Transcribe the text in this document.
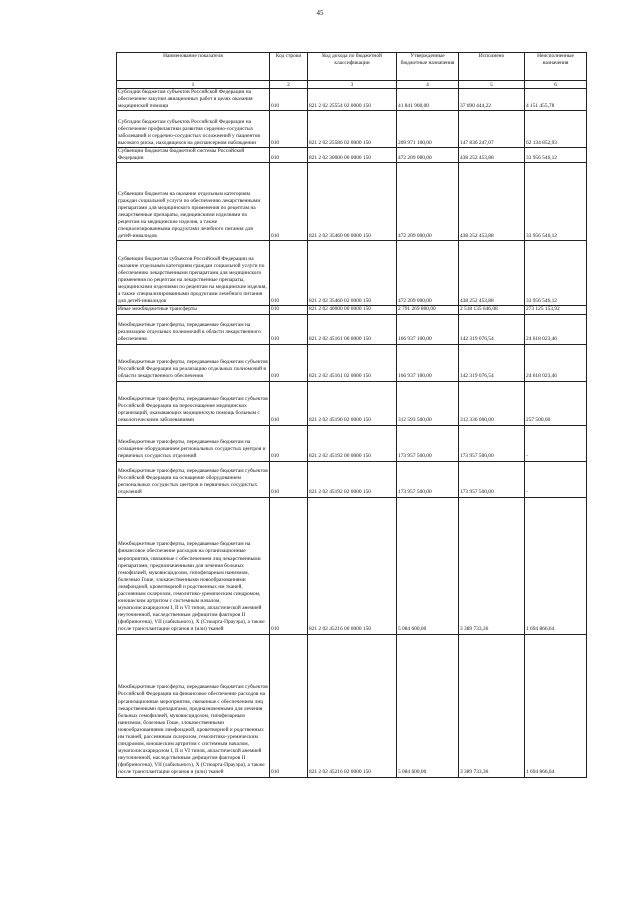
45
Наименование показателя	Код строки	Код дохода по бюджетной классификации	Утвержденные бюджетные назначения	Исполнено	Неисполненные назначения
1	2	3	4	5	6
Субсидии бюджетам субъектов Российской Федерации на обеспечение закупки авиационных работ в целях оказания медицинской помощи	010	821 2 02 25554 02 0000 150	41 841 900,00	37 690 444,22	4 151 455,78
Субсидии бюджетам субъектов Российской Федерации на обеспечение профилактики развития сердечно-сосудистых заболеваний и сердечно-сосудистых осложнений у пациентов высокого риска, находящихся на диспансерном наблюдении	010	821 2 02 25586 02 0000 150	209 971 100,00	147 836 247,07	62 134 852,93
Субвенции бюджетам бюджетной системы Российской Федерации	010	821 2 02 30000 00 0000 150	472 209 000,00	438 252 453,88	33 956 546,12
Субвенции бюджетам на оказание отдельным категориям граждан социальной услуги по обеспечению лекарственными препаратами для медицинского применения по рецептам на лекарственные препараты, медицинскими изделиями по рецептам на медицинские изделия, а также специализированными продуктами лечебного питания для детей-инвалидов	010	821 2 02 35460 00 0000 150	472 209 000,00	438 252 453,88	33 956 546,12
Субвенции бюджетам субъектов Российской Федерации на оказание отдельным категориям граждан социальной услуги по обеспечению лекарственными препаратами для медицинского применения по рецептам на лекарственные препараты, медицинскими изделиями по рецептам на медицинские изделия, а также специализированными продуктами лечебного питания для детей-инвалидов	010	821 2 02 35460 02 0000 150	472 209 000,00	438 252 453,88	33 956 546,12
Иные межбюджетные трансферты	010	821 2 02 40000 00 0000 150	2 791 269 800,00	2 518 135 646,08	273 125 153,92
Межбюджетные трансферты, передаваемые бюджетам на реализацию отдельных полномочий в области лекарственного обеспечения	010	821 2 02 45161 00 0000 150	166 937 100,00	142 319 076,54	24 618 023,46
Межбюджетные трансферты, передаваемые бюджетам субъектов Российской Федерации на реализацию отдельных полномочий в области лекарственного обеспечения	010	821 2 02 45161 02 0000 150	166 937 100,00	142 319 076,54	24 618 023,46
Межбюджетные трансферты, передаваемые бюджетам субъектов Российской Федерации на переоснащение медицинских организаций, оказывающих медицинскую помощь больным с онкологическими заболеваниями	010	821 2 02 45190 02 0000 150	312 593 500,00	312 336 000,00	257 500,00
Межбюджетные трансферты, передаваемые бюджетам на оснащение оборудованием региональных сосудистых центров и первичных сосудистых отделений	010	821 2 02 45192 00 0000 150	173 957 500,00	173 957 500,00	-
Межбюджетные трансферты, передаваемые бюджетам субъектов Российской Федерации на оснащение оборудованием региональных сосудистых центров и первичных сосудистых отделений	010	821 2 02 45192 02 0000 150	173 957 500,00	173 957 500,00	-
Межбюджетные трансферты, передаваемые бюджетам на финансовое обеспечение расходов на организационные мероприятия, связанные с обеспечением лиц лекарственными препаратами, предназначенными для лечения больных гемофилией, муковисцидозом, гипофизарным нанизмом, болезнью Гоше, злокачественными новообразованиями лимфоидной, кроветворной и родственных им тканей, рассеянным склерозом, гемолитико-уремическим синдромом, юношеским артритом с системным началом, мукополисахаридозом I, II и VI типов, апластической анемией неуточненной, наследственным дефицитом факторов II (фибриногена), VII (лабильного), X (Стюарта-Прауэра), а также после трансплантации органов и (или) тканей	010	821 2 02 45216 00 0000 150	5 084 600,00	3 389 733,36	1 694 866,64
Межбюджетные трансферты, передаваемые бюджетам субъектов Российской Федерации на финансовое обеспечение расходов на организационные мероприятия, связанные с обеспечением лиц лекарственными препаратами, предназначенными для лечения больных гемофилией, муковисцидозом, гипофизарным нанизмом, болезнью Гоше, злокачественными новообразованиями лимфоидной, кроветворной и родственных им тканей, рассеянным склерозом, гемолитико-уремическим синдромом, юношеским артритом с системным началом, мукополисахаридозом I, II и VI типов, апластической анемией неуточненной, наследственным дефицитом факторов II (фибриногена), VII (лабильного), X (Стюарта-Прауэра), а также после трансплантации органов и (или) тканей	010	821 2 02 45216 02 0000 150	5 084 600,00	3 389 733,36	1 694 866,64
